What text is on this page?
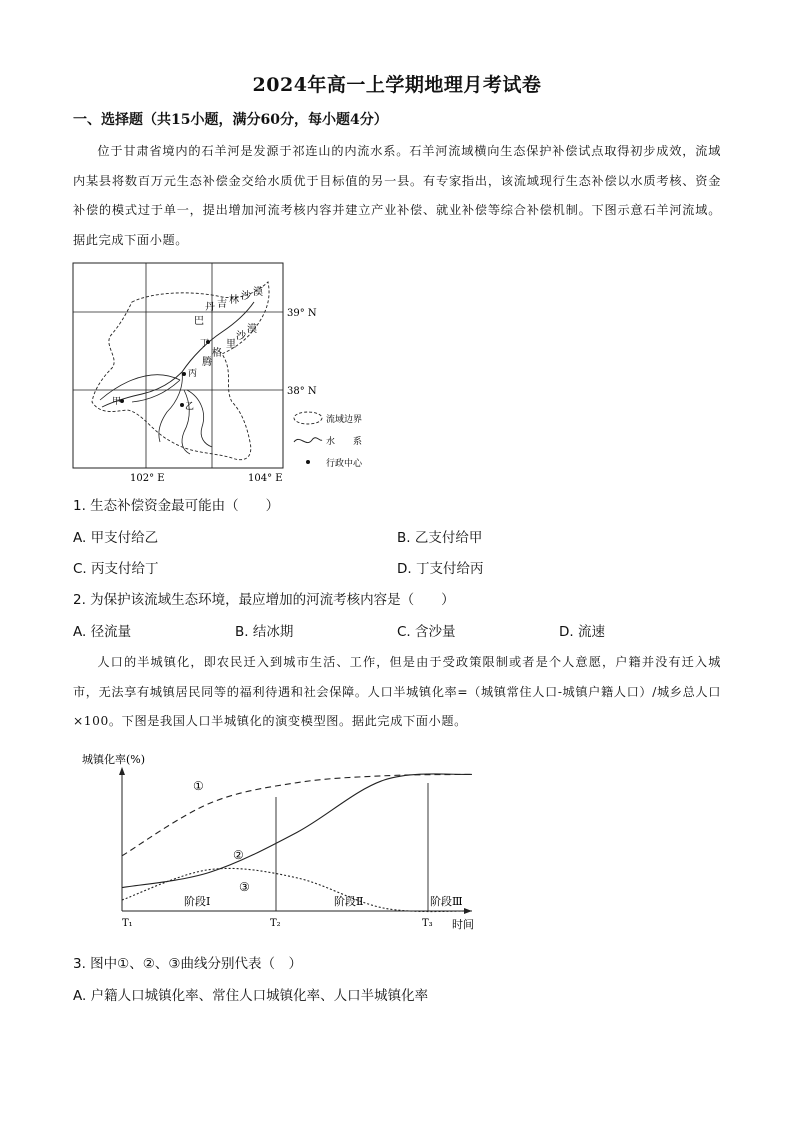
2024年高一上学期地理月考试卷
一、选择题（共15小题，满分60分，每小题4分）
位于甘肃省境内的石羊河是发源于祁连山的内流水系。石羊河流域横向生态保护补偿试点取得初步成效，流域内某县将数百万元生态补偿金交给水质优于目标值的另一县。有专家指出，该流域现行生态补偿以水质考核、资金补偿的模式过于单一，提出增加河流考核内容并建立产业补偿、就业补偿等综合补偿机制。下图示意石羊河流域。据此完成下面小题。
丁
丙
乙
甲
巴
丹 吉 林 沙 漠
腾
格
里
沙
漠
39° N
38° N
102° E	104° E
流域边界
水　　系
行政中心
1. 生态补偿资金最可能由（　　）
A. 甲支付给乙	B. 乙支付给甲
C. 丙支付给丁	D. 丁支付给丙
2. 为保护该流域生态环境，最应增加的河流考核内容是（　　）
A. 径流量	B. 结冰期	C. 含沙量	D. 流速
人口的半城镇化，即农民迁入到城市生活、工作，但是由于受政策限制或者是个人意愿，户籍并没有迁入城市，无法享有城镇居民同等的福利待遇和社会保障。人口半城镇化率=（城镇常住人口-城镇户籍人口）/城乡总人口×100。下图是我国人口半城镇化的演变模型图。据此完成下面小题。
城镇化率(%)
①
②
③
阶段Ⅰ	阶段Ⅱ	阶段Ⅲ
T₁	T₂	T₃ 时间
3. 图中①、②、③曲线分别代表（　）
A. 户籍人口城镇化率、常住人口城镇化率、人口半城镇化率
